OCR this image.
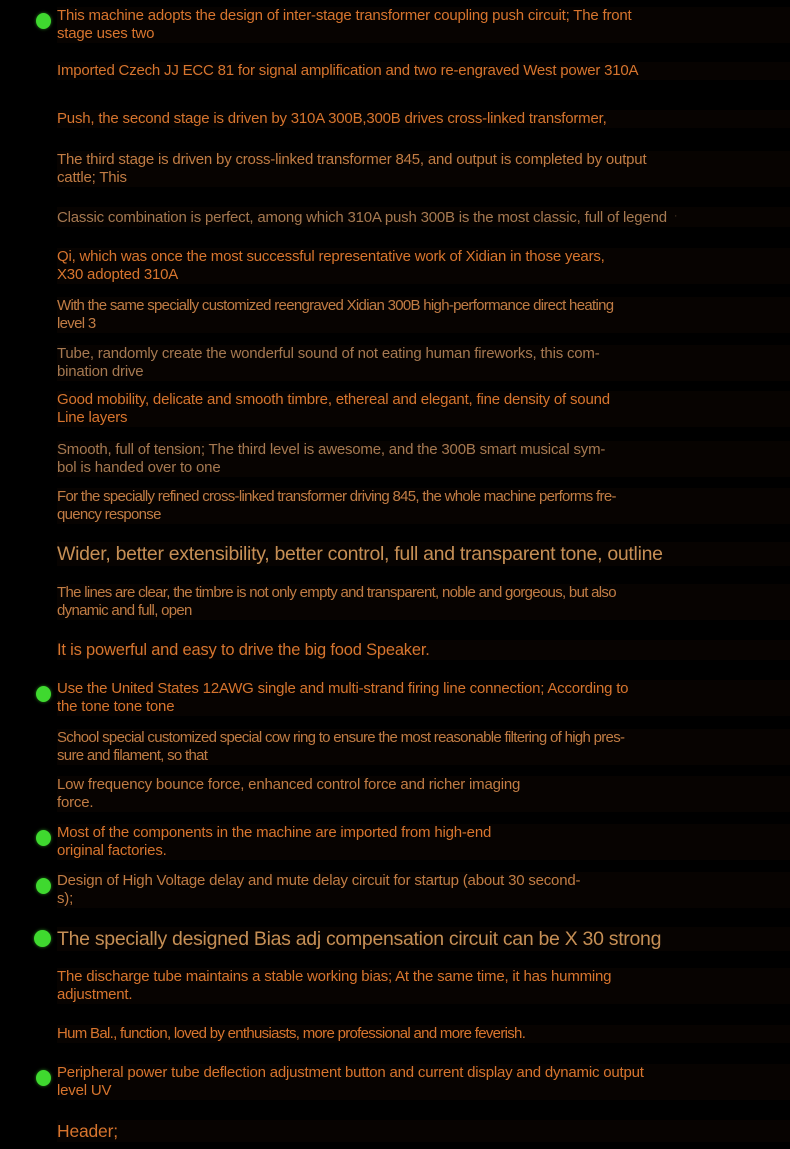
This machine adopts the design of inter-stage transformer coupling push circuit; The front
stage uses two
Imported Czech JJ ECC 81 for signal amplification and two re-engraved West power 310A
Push, the second stage is driven by 310A 300B,300B drives cross-linked transformer,
The third stage is driven by cross-linked transformer 845, and output is completed by output
cattle; This
Classic combination is perfect, among which 310A push 300B is the most classic, full of legend ·
Qi, which was once the most successful representative work of Xidian in those years,
X30 adopted 310A
With the same specially customized reengraved Xidian 300B high-performance direct heating
level 3
Tube, randomly create the wonderful sound of not eating human fireworks, this com-
bination drive
Good mobility, delicate and smooth timbre, ethereal and elegant, fine density of sound
Line layers
Smooth, full of tension; The third level is awesome, and the 300B smart musical sym-
bol is handed over to one
For the specially refined cross-linked transformer driving 845, the whole machine performs fre-
quency response
Wider, better extensibility, better control, full and transparent tone, outline
The lines are clear, the timbre is not only empty and transparent, noble and gorgeous, but also
dynamic and full, open
It is powerful and easy to drive the big food Speaker.
Use the United States 12AWG single and multi-strand firing line connection; According to
the tone tone tone
School special customized special cow ring to ensure the most reasonable filtering of high pres-
sure and filament, so that
Low frequency bounce force, enhanced control force and richer imaging
force.
Most of the components in the machine are imported from high-end
original factories.
Design of High Voltage delay and mute delay circuit for startup (about 30 second-
s);
The specially designed Bias adj compensation circuit can be X 30 strong
The discharge tube maintains a stable working bias; At the same time, it has humming
adjustment.
Hum Bal., function, loved by enthusiasts, more professional and more feverish.
Peripheral power tube deflection adjustment button and current display and dynamic output
level UV
Header;
